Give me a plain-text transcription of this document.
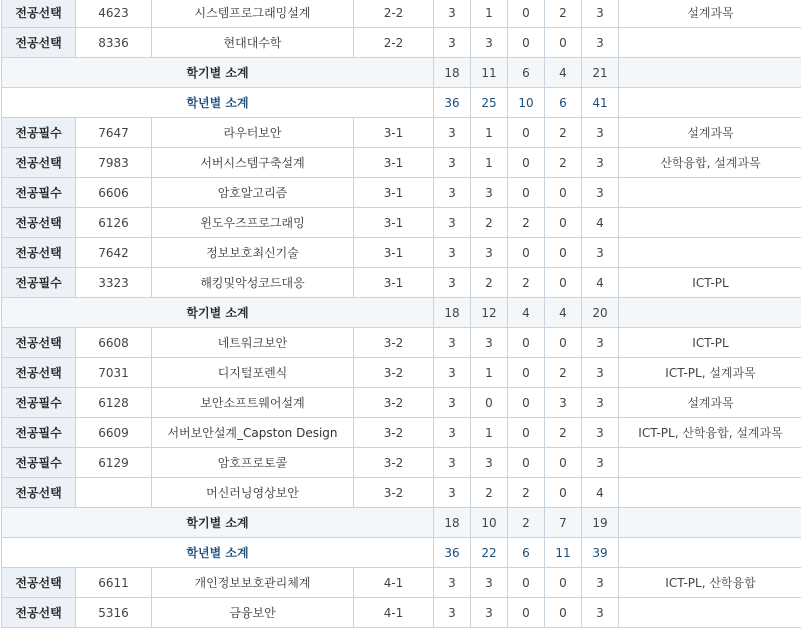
전공선택	4623	시스템프로그래밍설계	2-2	3	1	0	2	3	설계과목
전공선택	8336	현대대수학	2-2	3	3	0	0	3	
학기별 소계				18	11	6	4	21	
학년별 소계				36	25	10	6	41	
전공필수	7647	라우터보안	3-1	3	1	0	2	3	설계과목
전공선택	7983	서버시스템구축설계	3-1	3	1	0	2	3	산학융합, 설계과목
전공필수	6606	암호알고리즘	3-1	3	3	0	0	3	
전공선택	6126	윈도우즈프로그래밍	3-1	3	2	2	0	4	
전공선택	7642	정보보호최신기술	3-1	3	3	0	0	3	
전공필수	3323	해킹및악성코드대응	3-1	3	2	2	0	4	ICT-PL
학기별 소계				18	12	4	4	20	
전공선택	6608	네트워크보안	3-2	3	3	0	0	3	ICT-PL
전공선택	7031	디지털포렌식	3-2	3	1	0	2	3	ICT-PL, 설계과목
전공필수	6128	보안소프트웨어설계	3-2	3	0	0	3	3	설계과목
전공필수	6609	서버보안설계_Capston Design	3-2	3	1	0	2	3	ICT-PL, 산학융합, 설계과목
전공필수	6129	암호프로토콜	3-2	3	3	0	0	3	
전공선택		머신러닝영상보안	3-2	3	2	2	0	4	
학기별 소계				18	10	2	7	19	
학년별 소계				36	22	6	11	39	
전공선택	6611	개인정보보호관리체계	4-1	3	3	0	0	3	ICT-PL, 산학융합
전공선택	5316	금융보안	4-1	3	3	0	0	3	
